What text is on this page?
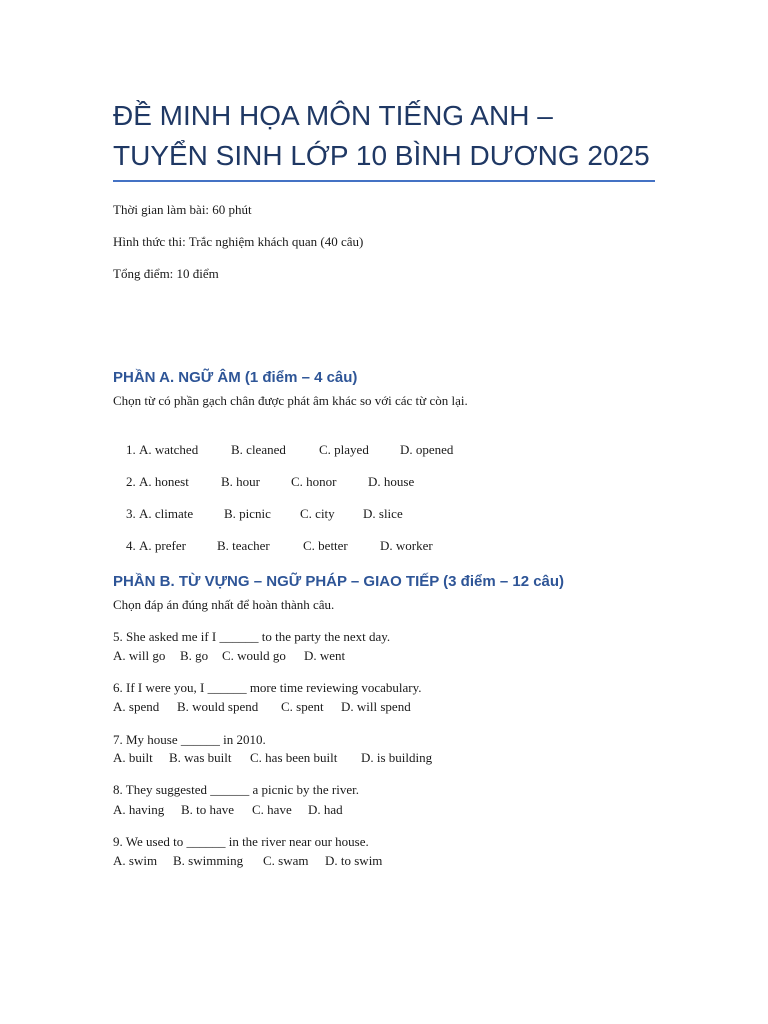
ĐỀ MINH HỌA MÔN TIẾNG ANH –
TUYỂN SINH LỚP 10 BÌNH DƯƠNG 2025
Thời gian làm bài: 60 phút
Hình thức thi: Trắc nghiệm khách quan (40 câu)
Tổng điểm: 10 điểm
PHẦN A. NGỮ ÂM (1 điểm – 4 câu)
Chọn từ có phần gạch chân được phát âm khác so với các từ còn lại.

1. A. watched	B. cleaned	C. played D. opened

2. A. honest B. hour C. honor D. house

3. A. climate B. picnic C. city D. slice

4. A. prefer B. teacher	C. better D. worker

PHẦN B. TỪ VỰNG – NGỮ PHÁP – GIAO TIẾP (3 điểm – 12 câu)
Chọn đáp án đúng nhất để hoàn thành câu.
5. She asked me if I ______ to the party the next day.
A. will go B. go C. would go D. went
6. If I were you, I ______ more time reviewing vocabulary.
A. spend B. would spend C. spent D. will spend
7. My house ______ in 2010.
A. built B. was built C. has been built D. is building
8. They suggested ______ a picnic by the river.
A. having B. to have C. have D. had
9. We used to ______ in the river near our house.
A. swim B. swimming C. swam D. to swim
